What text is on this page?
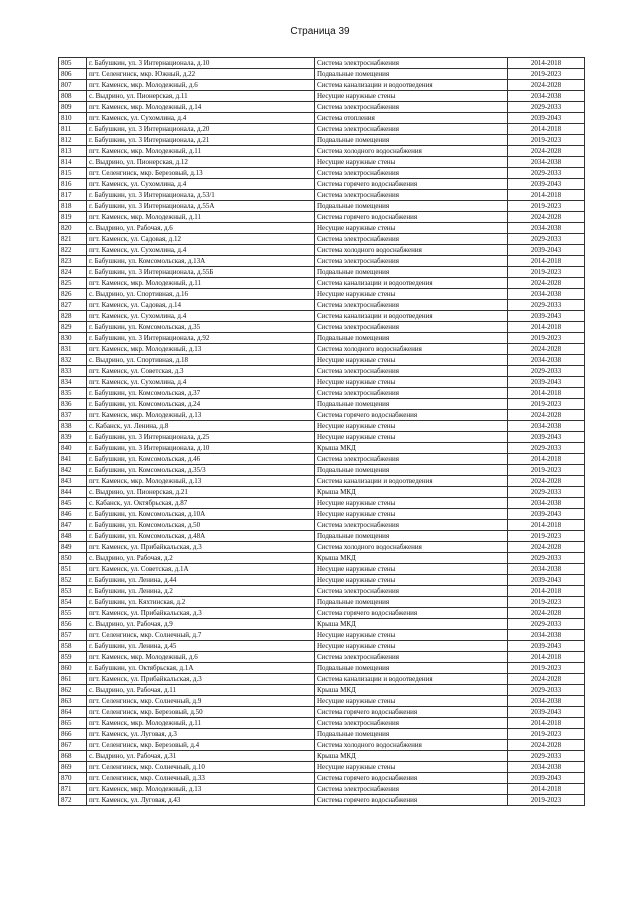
Страница 39
805	г. Бабушкин, ул. 3 Интернационала, д.10	Система электроснабжения	2014-2018
806	пгт. Селенгинск, мкр. Южный, д.22	Подвальные помещения	2019-2023
807	пгт. Каменск, мкр. Молодежный, д.6	Система канализации и водоотведения	2024-2028
808	с. Выдрино, ул. Пионерская, д.11	Несущие наружные стены	2034-2038
809	пгт. Каменск, мкр. Молодежный, д.14	Система электроснабжения	2029-2033
810	пгт. Каменск, ул. Сухомлина, д.4	Система отопления	2039-2043
811	г. Бабушкин, ул. 3 Интернационала, д.20	Система электроснабжения	2014-2018
812	г. Бабушкин, ул. 3 Интернационала, д.21	Подвальные помещения	2019-2023
813	пгт. Каменск, мкр. Молодежный, д.11	Система холодного водоснабжения	2024-2028
814	с. Выдрино, ул. Пионерская, д.12	Несущие наружные стены	2034-2038
815	пгт. Селенгинск, мкр. Березовый, д.13	Система электроснабжения	2029-2033
816	пгт. Каменск, ул. Сухомлина, д.4	Система горячего водоснабжения	2039-2043
817	г. Бабушкин, ул. 3 Интернационала, д.53/1	Система электроснабжения	2014-2018
818	г. Бабушкин, ул. 3 Интернационала, д.55А	Подвальные помещения	2019-2023
819	пгт. Каменск, мкр. Молодежный, д.11	Система горячего водоснабжения	2024-2028
820	с. Выдрино, ул. Рабочая, д.6	Несущие наружные стены	2034-2038
821	пгт. Каменск, ул. Садовая, д.12	Система электроснабжения	2029-2033
822	пгт. Каменск, ул. Сухомлина, д.4	Система холодного водоснабжения	2039-2043
823	г. Бабушкин, ул. Комсомольская, д.13А	Система электроснабжения	2014-2018
824	г. Бабушкин, ул. 3 Интернационала, д.55Б	Подвальные помещения	2019-2023
825	пгт. Каменск, мкр. Молодежный, д.11	Система канализации и водоотведения	2024-2028
826	с. Выдрино, ул. Спортивная, д.16	Несущие наружные стены	2034-2038
827	пгт. Каменск, ул. Садовая, д.14	Система электроснабжения	2029-2033
828	пгт. Каменск, ул. Сухомлина, д.4	Система канализации и водоотведения	2039-2043
829	г. Бабушкин, ул. Комсомольская, д.35	Система электроснабжения	2014-2018
830	г. Бабушкин, ул. 3 Интернационала, д.92	Подвальные помещения	2019-2023
831	пгт. Каменск, мкр. Молодежный, д.13	Система холодного водоснабжения	2024-2028
832	с. Выдрино, ул. Спортивная, д.18	Несущие наружные стены	2034-2038
833	пгт. Каменск, ул. Советская, д.3	Система электроснабжения	2029-2033
834	пгт. Каменск, ул. Сухомлина, д.4	Несущие наружные стены	2039-2043
835	г. Бабушкин, ул. Комсомольская, д.37	Система электроснабжения	2014-2018
836	г. Бабушкин, ул. Комсомольская, д.24	Подвальные помещения	2019-2023
837	пгт. Каменск, мкр. Молодежный, д.13	Система горячего водоснабжения	2024-2028
838	с. Кабанск, ул. Ленина, д.8	Несущие наружные стены	2034-2038
839	г. Бабушкин, ул. 3 Интернационала, д.25	Несущие наружные стены	2039-2043
840	г. Бабушкин, ул. 3 Интернационала, д.10	Крыша МКД	2029-2033
841	г. Бабушкин, ул. Комсомольская, д.46	Система электроснабжения	2014-2018
842	г. Бабушкин, ул. Комсомольская, д.35/3	Подвальные помещения	2019-2023
843	пгт. Каменск, мкр. Молодежный, д.13	Система канализации и водоотведения	2024-2028
844	с. Выдрино, ул. Пионерская, д.21	Крыша МКД	2029-2033
845	с. Кабанск, ул. Октябрьская, д.87	Несущие наружные стены	2034-2038
846	г. Бабушкин, ул. Комсомольская, д.10А	Несущие наружные стены	2039-2043
847	г. Бабушкин, ул. Комсомольская, д.50	Система электроснабжения	2014-2018
848	г. Бабушкин, ул. Комсомольская, д.48А	Подвальные помещения	2019-2023
849	пгт. Каменск, ул. Прибайкальская, д.3	Система холодного водоснабжения	2024-2028
850	с. Выдрино, ул. Рабочая, д.2	Крыша МКД	2029-2033
851	пгт. Каменск, ул. Советская, д.1А	Несущие наружные стены	2034-2038
852	г. Бабушкин, ул. Ленина, д.44	Несущие наружные стены	2039-2043
853	г. Бабушкин, ул. Ленина, д.2	Система электроснабжения	2014-2018
854	г. Бабушкин, ул. Кяхтинская, д.2	Подвальные помещения	2019-2023
855	пгт. Каменск, ул. Прибайкальская, д.3	Система горячего водоснабжения	2024-2028
856	с. Выдрино, ул. Рабочая, д.9	Крыша МКД	2029-2033
857	пгт. Селенгинск, мкр. Солнечный, д.7	Несущие наружные стены	2034-2038
858	г. Бабушкин, ул. Ленина, д.45	Несущие наружные стены	2039-2043
859	пгт. Каменск, мкр. Молодежный, д.6	Система электроснабжения	2014-2018
860	г. Бабушкин, ул. Октябрьская, д.1А	Подвальные помещения	2019-2023
861	пгт. Каменск, ул. Прибайкальская, д.3	Система канализации и водоотведения	2024-2028
862	с. Выдрино, ул. Рабочая, д.11	Крыша МКД	2029-2033
863	пгт. Селенгинск, мкр. Солнечный, д.9	Несущие наружные стены	2034-2038
864	пгт. Селенгинск, мкр. Березовый, д.50	Система горячего водоснабжения	2039-2043
865	пгт. Каменск, мкр. Молодежный, д.11	Система электроснабжения	2014-2018
866	пгт. Каменск, ул. Луговая, д.3	Подвальные помещения	2019-2023
867	пгт. Селенгинск, мкр. Березовый, д.4	Система холодного водоснабжения	2024-2028
868	с. Выдрино, ул. Рабочая, д.31	Крыша МКД	2029-2033
869	пгт. Селенгинск, мкр. Солнечный, д.10	Несущие наружные стены	2034-2038
870	пгт. Селенгинск, мкр. Солнечный, д.33	Система горячего водоснабжения	2039-2043
871	пгт. Каменск, мкр. Молодежный, д.13	Система электроснабжения	2014-2018
872	пгт. Каменск, ул. Луговая, д.43	Система горячего водоснабжения	2019-2023
